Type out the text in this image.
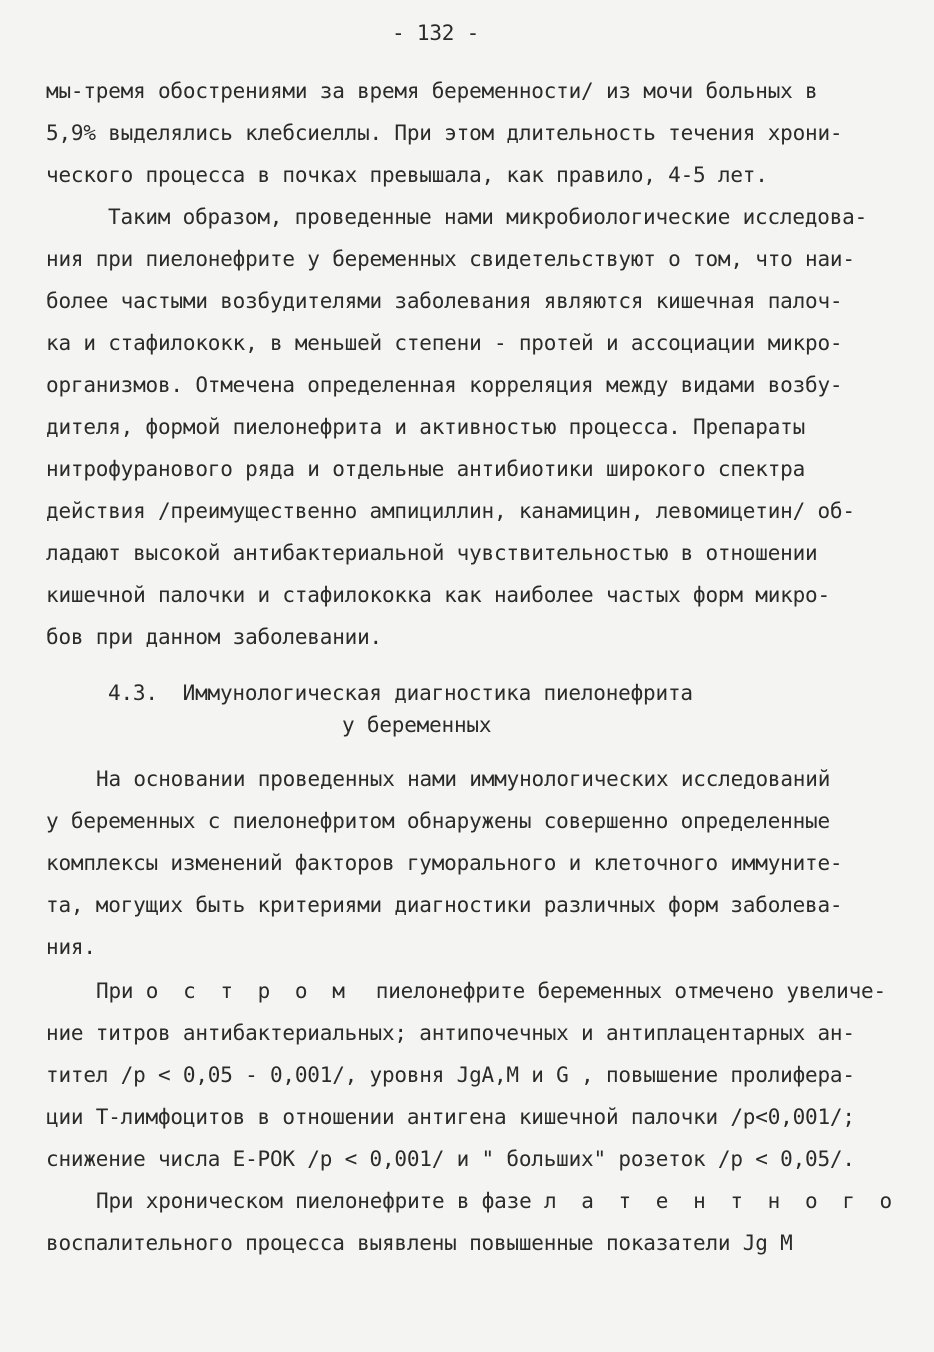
- 132 -
мы-тремя обострениями за время беременности/ из мочи больных в
5,9% выделялись клебсиеллы. При этом длительность течения хрони-
ческого процесса в почках превышала, как правило, 4-5 лет.
Таким образом, проведенные нами микробиологические исследова-
ния при пиелонефрите у беременных свидетельствуют о том, что наи-
более частыми возбудителями заболевания являются кишечная палоч-
ка и стафилококк, в меньшей степени - протей и ассоциации микро-
организмов. Отмечена определенная корреляция между видами возбу-
дителя, формой пиелонефрита и активностью процесса. Препараты
нитрофуранового ряда и отдельные антибиотики широкого спектра
действия /преимущественно ампициллин, канамицин, левомицетин/ об-
ладают высокой антибактериальной чувствительностью в отношении
кишечной палочки и стафилококка как наиболее частых форм микро-
бов при данном заболевании.
4.3.  Иммунологическая диагностика пиелонефрита
у беременных
На основании проведенных нами иммунологических исследований
у беременных с пиелонефритом обнаружены совершенно определенные
комплексы изменений факторов гуморального и клеточного иммуните-
та, могущих быть критериями диагностики различных форм заболева-
ния.
При о с т р о м  пиелонефрите беременных отмечено увеличе-
ние титров антибактериальных; антипочечных и антиплацентарных ан-
тител /р < 0,05 - 0,001/, уровня JgA,M и G , повышение пролифера-
ции Т-лимфоцитов в отношении антигена кишечной палочки /р<0,001/;
снижение числа Е-РОК /р < 0,001/ и " больших" розеток /р < 0,05/.
При хроническом пиелонефрите в фазе л а т е н т н о г о
воспалительного процесса выявлены повышенные показатели Jg M
